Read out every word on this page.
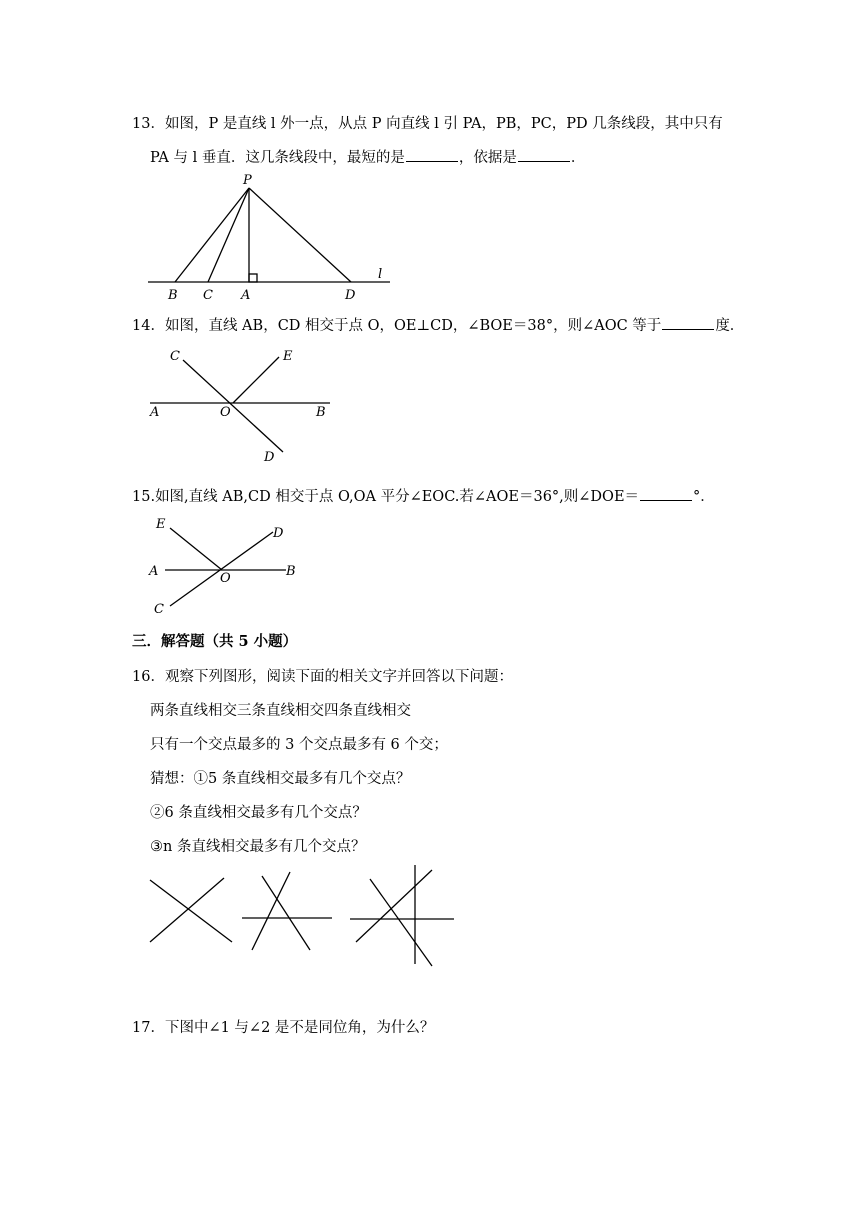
13．如图，P 是直线 l 外一点，从点 P 向直线 l 引 PA，PB，PC，PD 几条线段，其中只有
PA 与 l 垂直．这几条线段中，最短的是	，依据是	．
P
l
B C A	D
14．如图，直线 AB，CD 相交于点 O，OE⊥CD，∠BOE＝38°，则∠AOC 等于	度．
C	E
A	O	B
D
15.如图,直线 AB,CD 相交于点 O,OA 平分∠EOC.若∠AOE＝36°,则∠DOE＝	°．
E
D
A	O	B
C
三．解答题（共 5 小题）
16．观察下列图形，阅读下面的相关文字并回答以下问题：
两条直线相交三条直线相交四条直线相交
只有一个交点最多的 3 个交点最多有 6 个交；
猜想：①5 条直线相交最多有几个交点？
②6 条直线相交最多有几个交点？
③n 条直线相交最多有几个交点？
17．下图中∠1 与∠2 是不是同位角，为什么？
